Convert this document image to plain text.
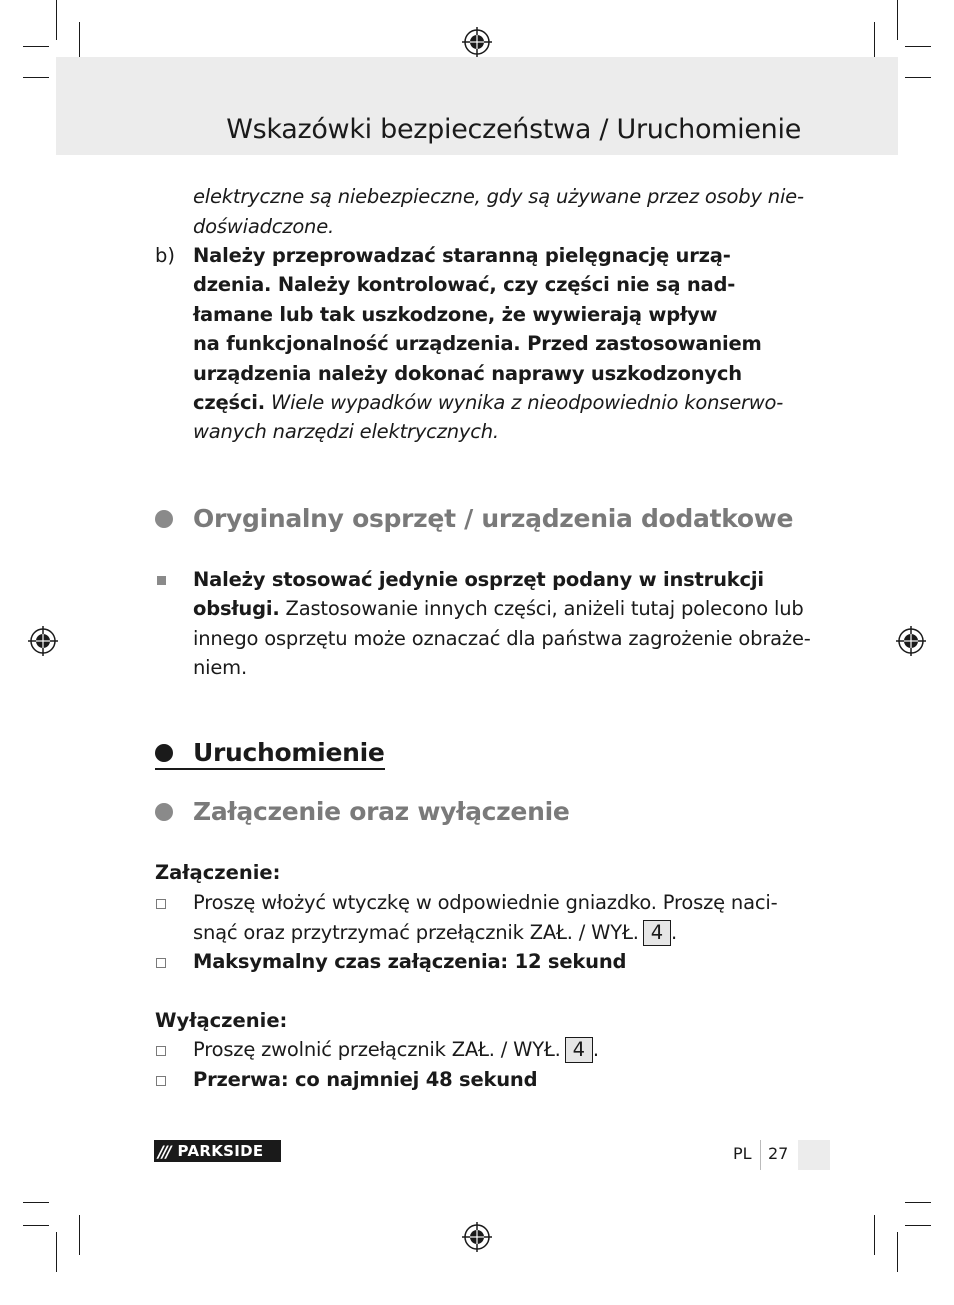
Wskazówki bezpieczeństwa / Uruchomienie
elektryczne są niebezpieczne, gdy są używane przez osoby nie-
doświadczone.
b) Należy przeprowadzać staranną pielęgnację urzą-
dzenia. Należy kontrolować, czy części nie są nad-
łamane lub tak uszkodzone, że wywierają wpływ
na funkcjonalność urządzenia. Przed zastosowaniem
urządzenia należy dokonać naprawy uszkodzonych
części. Wiele wypadków wynika z nieodpowiednio konserwo-
wanych narzędzi elektrycznych.
Oryginalny osprzęt / urządzenia dodatkowe
Należy stosować jedynie osprzęt podany w instrukcji
obsługi. Zastosowanie innych części, aniżeli tutaj polecono lub
innego osprzętu może oznaczać dla państwa zagrożenie obraże-
niem.
Uruchomienie
Załączenie oraz wyłączenie
Załączenie:
Proszę włożyć wtyczkę w odpowiednie gniazdko. Proszę naci-
snąć oraz przytrzymać przełącznik ZAŁ. / WYŁ. 4 .
Maksymalny czas załączenia: 12 sekund
Wyłączenie:
Proszę zwolnić przełącznik ZAŁ. / WYŁ. 4 .
Przerwa: co najmniej 48 sekund
/// PARKSIDE	PL 27
